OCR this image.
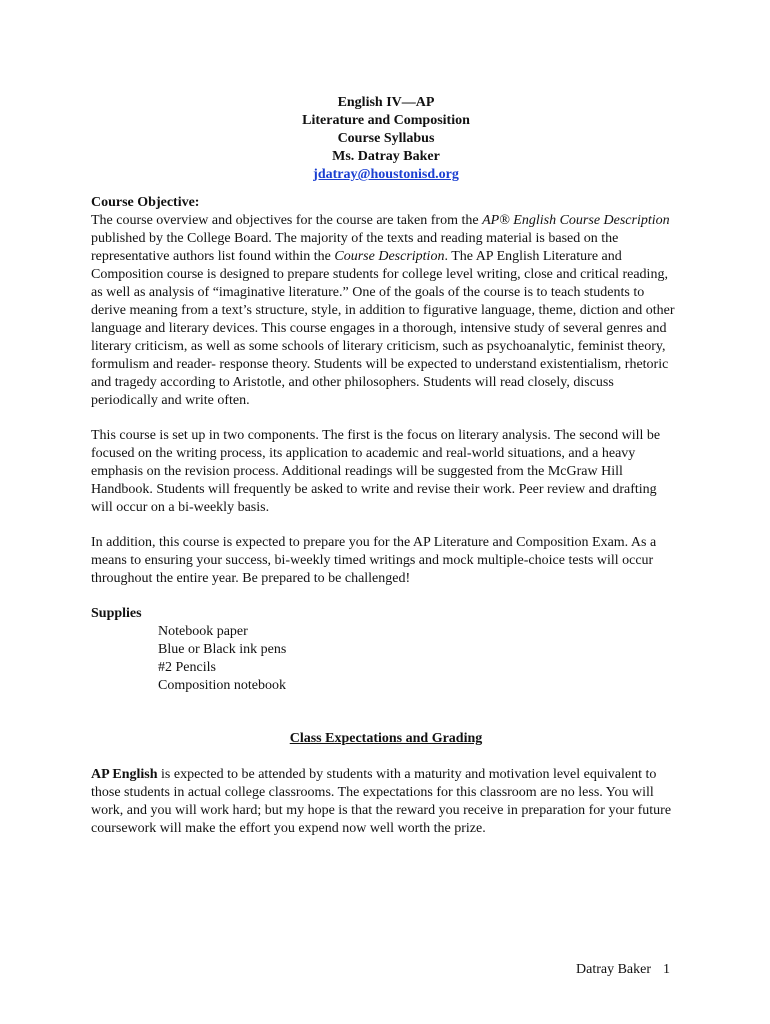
English IV—AP
Literature and Composition
Course Syllabus
Ms. Datray Baker
jdatray@houstonisd.org
Course Objective:

The course overview and objectives for the course are taken from the AP® English Course Description published by the College Board. The majority of the texts and reading material is based on the representative authors list found within the Course Description. The AP English Literature and Composition course is designed to prepare students for college level writing, close and critical reading, as well as analysis of “imaginative literature.” One of the goals of the course is to teach students to derive meaning from a text’s structure, style, in addition to figurative language, theme, diction and other language and literary devices. This course engages in a thorough, intensive study of several genres and literary criticism, as well as some schools of literary criticism, such as psychoanalytic, feminist theory, formulism and reader- response theory. Students will be expected to understand existentialism, rhetoric and tragedy according to Aristotle, and other philosophers. Students will read closely, discuss periodically and write often.

This course is set up in two components. The first is the focus on literary analysis. The second will be focused on the writing process, its application to academic and real-world situations, and a heavy emphasis on the revision process. Additional readings will be suggested from the McGraw Hill Handbook. Students will frequently be asked to write and revise their work. Peer review and drafting will occur on a bi-weekly basis.

In addition, this course is expected to prepare you for the AP Literature and Composition Exam. As a means to ensuring your success, bi-weekly timed writings and mock multiple-choice tests will occur throughout the entire year. Be prepared to be challenged!

Supplies
Notebook paper
Blue or Black ink pens
#2 Pencils
Composition notebook
Class Expectations and Grading

AP English is expected to be attended by students with a maturity and motivation level equivalent to those students in actual college classrooms. The expectations for this classroom are no less. You will work, and you will work hard; but my hope is that the reward you receive in preparation for your future coursework will make the effort you expend now well worth the prize.

Datray Baker 1
